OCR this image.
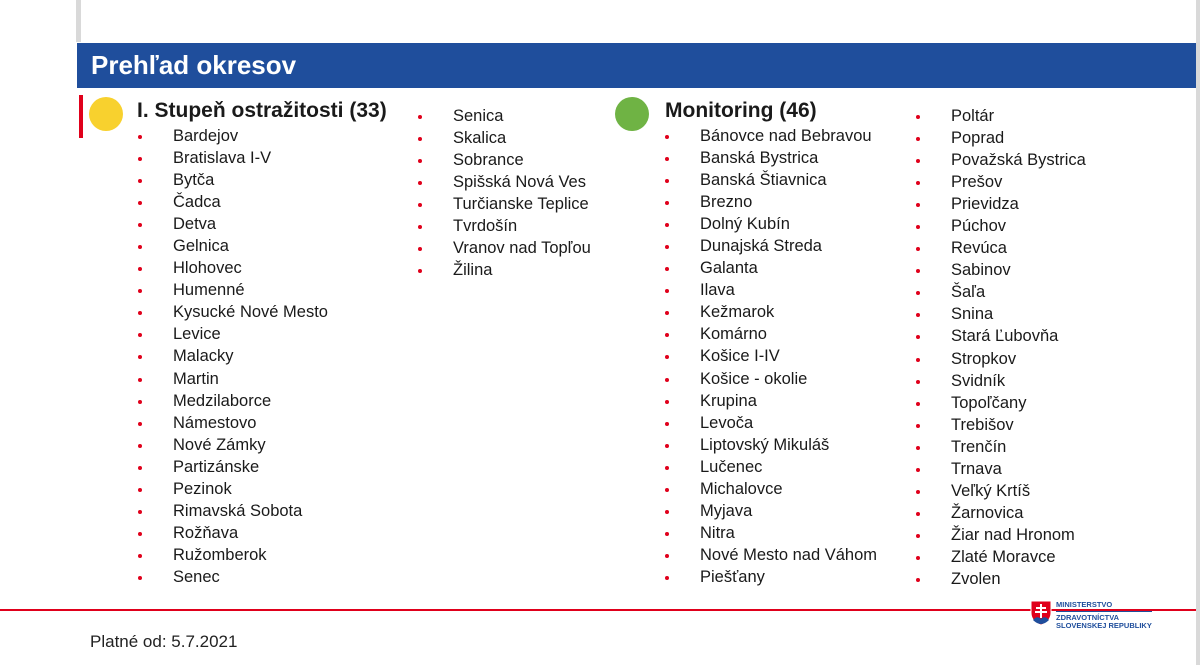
Prehľad okresov
I. Stupeň ostražitosti (33)
Bardejov
Bratislava I-V
Bytča
Čadca
Detva
Gelnica
Hlohovec
Humenné
Kysucké Nové Mesto
Levice
Malacky
Martin
Medzilaborce
Námestovo
Nové Zámky
Partizánske
Pezinok
Rimavská Sobota
Rožňava
Ružomberok
Senec
Senica
Skalica
Sobrance
Spišská Nová Ves
Turčianske Teplice
Tvrdošín
Vranov nad Topľou
Žilina
Monitoring (46)
Bánovce nad Bebravou
Banská Bystrica
Banská Štiavnica
Brezno
Dolný Kubín
Dunajská Streda
Galanta
Ilava
Kežmarok
Komárno
Košice I-IV
Košice - okolie
Krupina
Levoča
Liptovský Mikuláš
Lučenec
Michalovce
Myjava
Nitra
Nové Mesto nad Váhom
Piešťany
Poltár
Poprad
Považská Bystrica
Prešov
Prievidza
Púchov
Revúca
Sabinov
Šaľa
Snina
Stará Ľubovňa
Stropkov
Svidník
Topoľčany
Trebišov
Trenčín
Trnava
Veľký Krtíš
Žarnovica
Žiar nad Hronom
Zlaté Moravce
Zvolen
Platné od: 5.7.2021
MINISTERSTVO
ZDRAVOTNÍCTVA
SLOVENSKEJ REPUBLIKY
